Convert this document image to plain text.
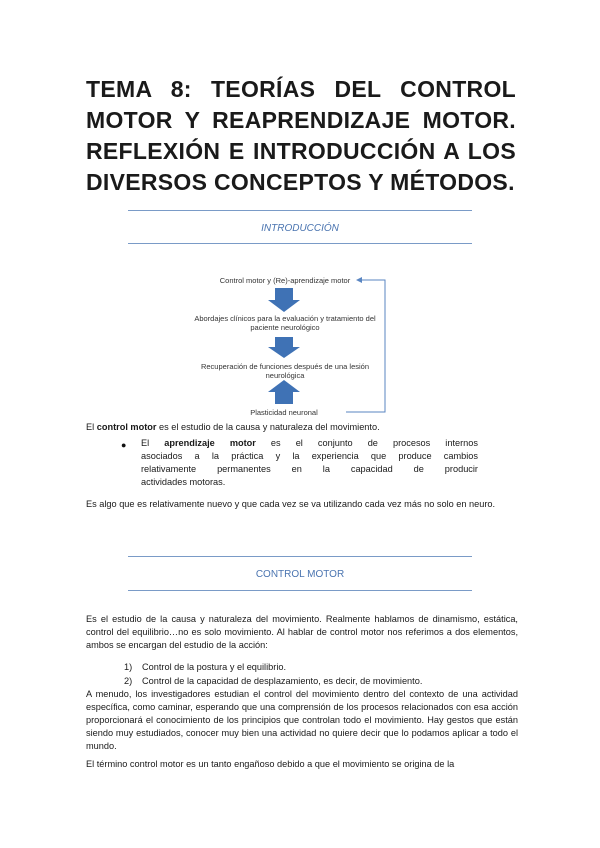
TEMA 8: TEORÍAS DEL CONTROL
MOTOR Y REAPRENDIZAJE MOTOR.
REFLEXIÓN E INTRODUCCIÓN A LOS
DIVERSOS CONCEPTOS Y MÉTODOS.
INTRODUCCIÓN
Control motor y (Re)-aprendizaje motor
Abordajes clínicos para la evaluación y tratamiento del
paciente neurológico
Recuperación de funciones después de una lesión
neurológica
Plasticidad neuronal
El control motor es el estudio de la causa y naturaleza del movimiento.
● El aprendizaje motor es el conjunto de procesos internos
asociados a la práctica y la experiencia que produce cambios
relativamente permanentes en la capacidad de producir
actividades motoras.
Es algo que es relativamente nuevo y que cada vez se va utilizando cada vez más no solo en neuro.
CONTROL MOTOR
Es el estudio de la causa y naturaleza del movimiento. Realmente hablamos de dinamismo, estática, control del equilibrio…no es solo movimiento. Al hablar de control motor nos referimos a dos elementos, ambos se encargan del estudio de la acción:
1) Control de la postura y el equilibrio.
2) Control de la capacidad de desplazamiento, es decir, de movimiento.
A menudo, los investigadores estudian el control del movimiento dentro del contexto de una actividad específica, como caminar, esperando que una comprensión de los procesos relacionados con esa acción proporcionará el conocimiento de los principios que controlan todo el movimiento. Hay gestos que están siendo muy estudiados, conocer muy bien una actividad no quiere decir que lo podamos aplicar a todo el mundo.
El término control motor es un tanto engañoso debido a que el movimiento se origina de la
